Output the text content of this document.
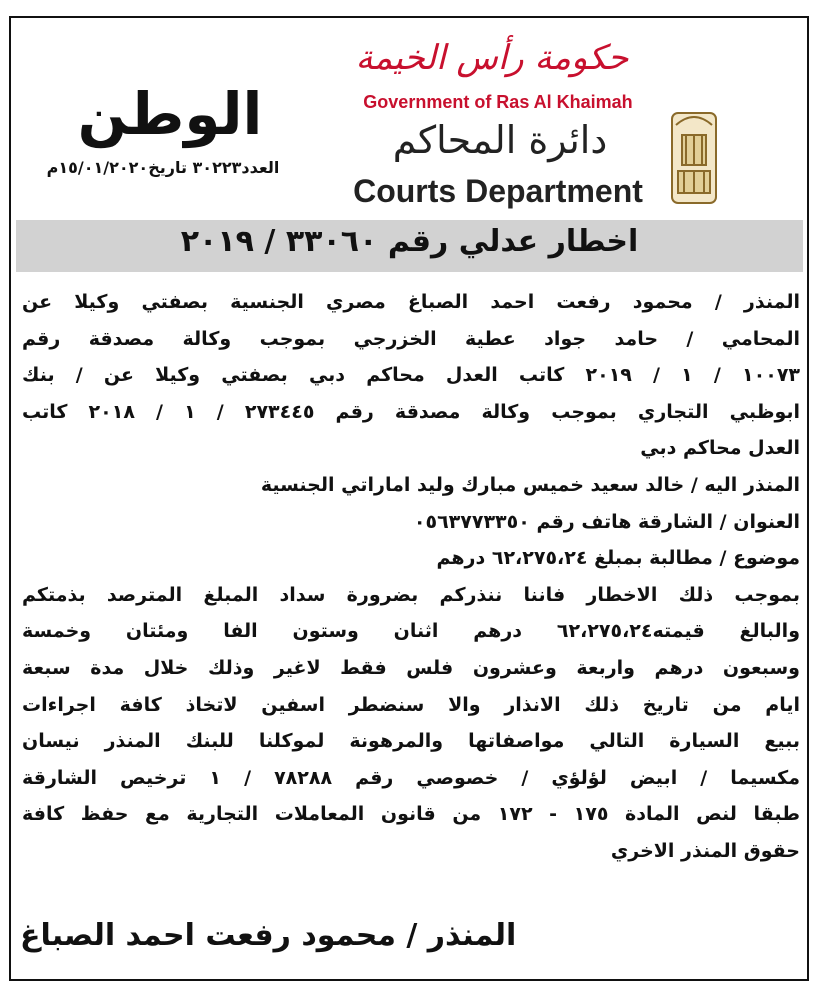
حكومة رأس الخيمة
Government of Ras Al Khaimah
دائرة المحاكم
Courts Department
الوطن
العدد٣٠٢٢٣ تاريخ١٥/٠١/٢٠٢٠م
اخطار عدلي رقم ٣٣٠٦٠ / ٢٠١٩
المنذر / محمود رفعت احمد الصباغ مصري الجنسية بصفتي وكيلا عن
المحامي / حامد جواد عطية الخزرجي بموجب وكالة مصدقة رقم
١٠٠٧٣ / ١ / ٢٠١٩ كاتب العدل محاكم دبي بصفتي وكيلا عن / بنك
ابوظبي التجاري بموجب وكالة مصدقة رقم ٢٧٣٤٤٥ / ١ / ٢٠١٨ كاتب
العدل محاكم دبي
المنذر اليه / خالد سعيد خميس مبارك وليد اماراتي الجنسية
العنوان / الشارقة هاتف رقم ٠٥٦٣٧٧٣٣٥٠
موضوع / مطالبة بمبلغ ٦٢،٢٧٥،٢٤ درهم
بموجب ذلك الاخطار فاننا ننذركم بضرورة سداد المبلغ المترصد بذمتكم
والبالغ قيمته٦٢،٢٧٥،٢٤ درهم اثنان وستون الفا ومئتان وخمسة
وسبعون درهم واربعة وعشرون فلس فقط لاغير وذلك خلال مدة سبعة
ايام من تاريخ ذلك الانذار والا سنضطر اسفين لاتخاذ كافة اجراءات
ببيع السيارة التالي مواصفاتها والمرهونة لموكلنا للبنك المنذر نيسان
مكسيما / ابيض لؤلؤي / خصوصي رقم ٧٨٢٨٨ / ١ ترخيص الشارقة
طبقا لنص المادة ١٧٥ - ١٧٢ من قانون المعاملات التجارية مع حفظ كافة
حقوق المنذر الاخري
المنذر / محمود رفعت احمد الصباغ
